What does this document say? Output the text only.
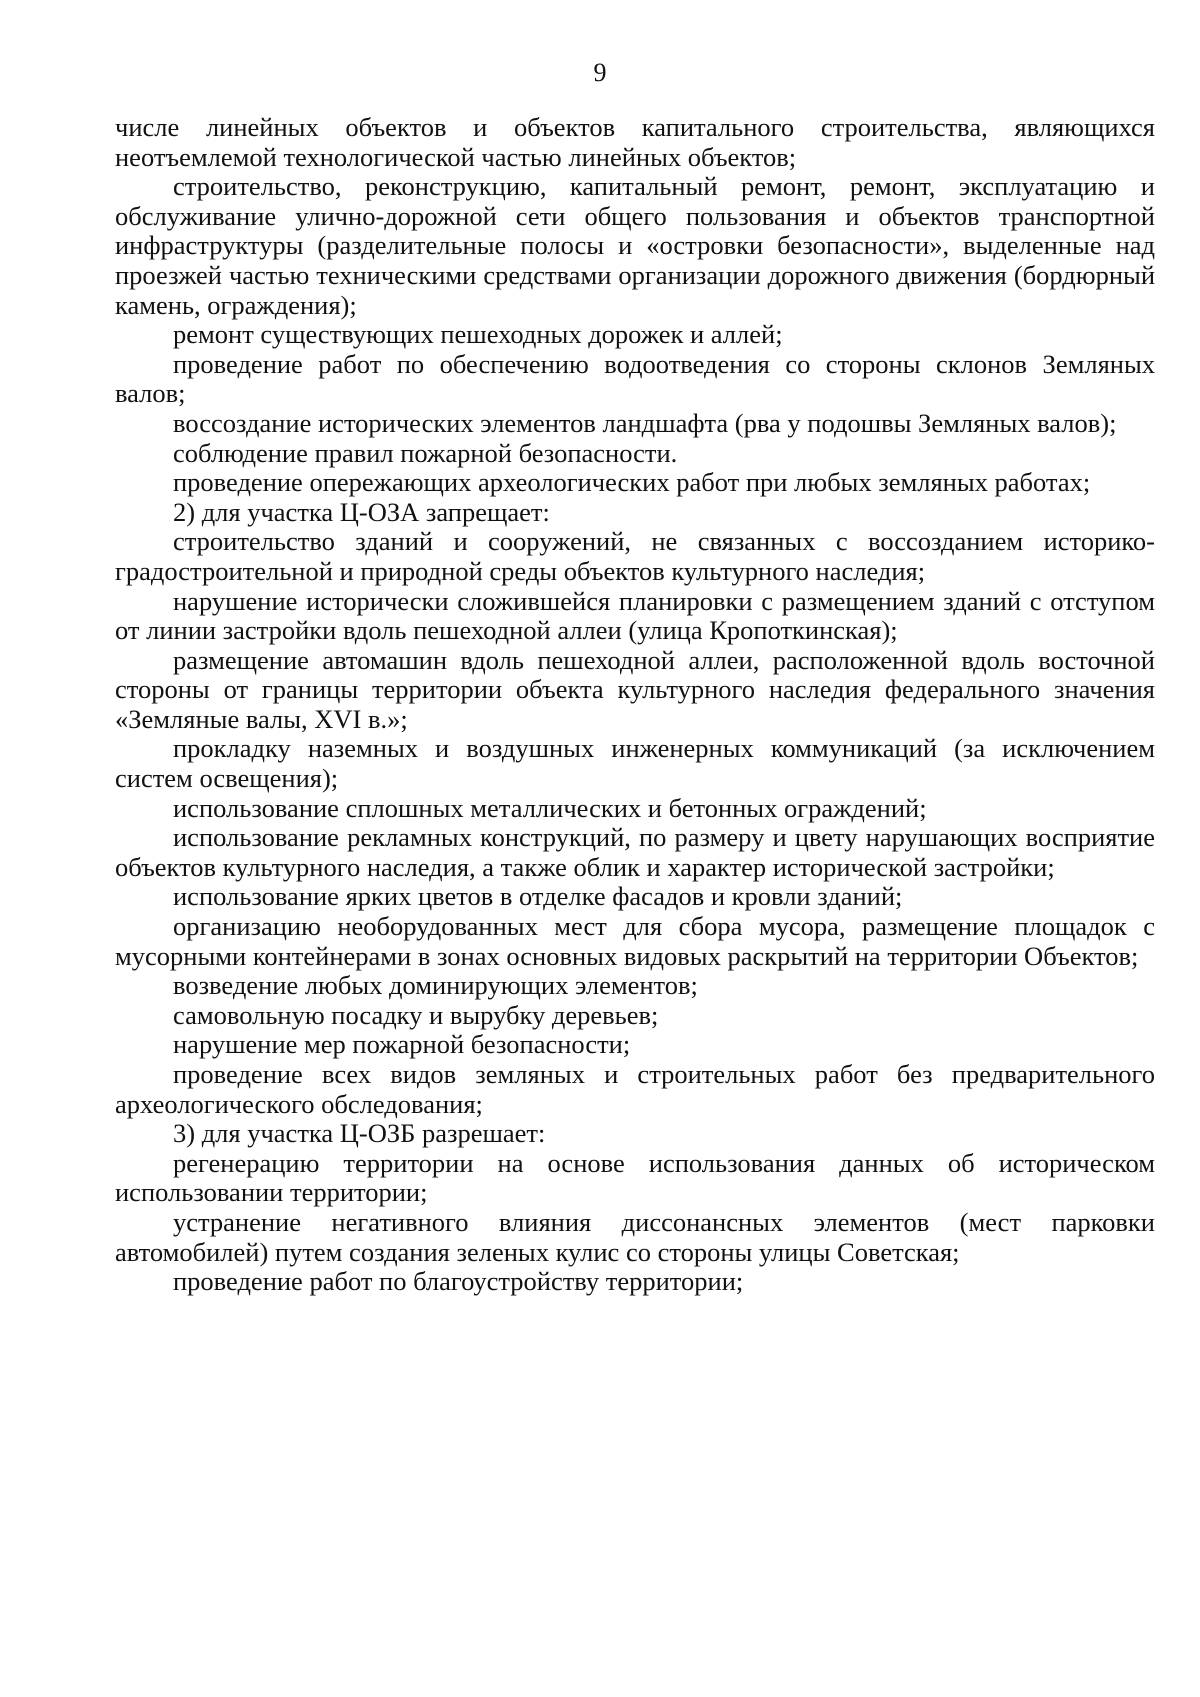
9

числе линейных объектов и объектов капитального строительства, являющихся неотъемлемой технологической частью линейных объектов;

строительство, реконструкцию, капитальный ремонт, ремонт, эксплуатацию и обслуживание улично-дорожной сети общего пользования и объектов транспортной инфраструктуры (разделительные полосы и «островки безопасности», выделенные над проезжей частью техническими средствами организации дорожного движения (бордюрный камень, ограждения);

ремонт существующих пешеходных дорожек и аллей;

проведение работ по обеспечению водоотведения со стороны склонов Земляных валов;

воссоздание исторических элементов ландшафта (рва у подошвы Земляных валов);

соблюдение правил пожарной безопасности.

проведение опережающих археологических работ при любых земляных работах;

2) для участка Ц-ОЗА запрещает:

строительство зданий и сооружений, не связанных с воссозданием историко-градостроительной и природной среды объектов культурного наследия;

нарушение исторически сложившейся планировки с размещением зданий с отступом от линии застройки вдоль пешеходной аллеи (улица Кропоткинская);

размещение автомашин вдоль пешеходной аллеи, расположенной вдоль восточной стороны от границы территории объекта культурного наследия федерального значения «Земляные валы, XVI в.»;

прокладку наземных и воздушных инженерных коммуникаций (за исключением систем освещения);

использование сплошных металлических и бетонных ограждений;

использование рекламных конструкций, по размеру и цвету нарушающих восприятие объектов культурного наследия, а также облик и характер исторической застройки;

использование ярких цветов в отделке фасадов и кровли зданий;

организацию необорудованных мест для сбора мусора, размещение площадок с мусорными контейнерами в зонах основных видовых раскрытий на территории Объектов;

возведение любых доминирующих элементов;

самовольную посадку и вырубку деревьев;

нарушение мер пожарной безопасности;

проведение всех видов земляных и строительных работ без предварительного археологического обследования;

3) для участка Ц-ОЗБ разрешает:

регенерацию территории на основе использования данных об историческом использовании территории;

устранение негативного влияния диссонансных элементов (мест парковки автомобилей) путем создания зеленых кулис со стороны улицы Советская;

проведение работ по благоустройству территории;
